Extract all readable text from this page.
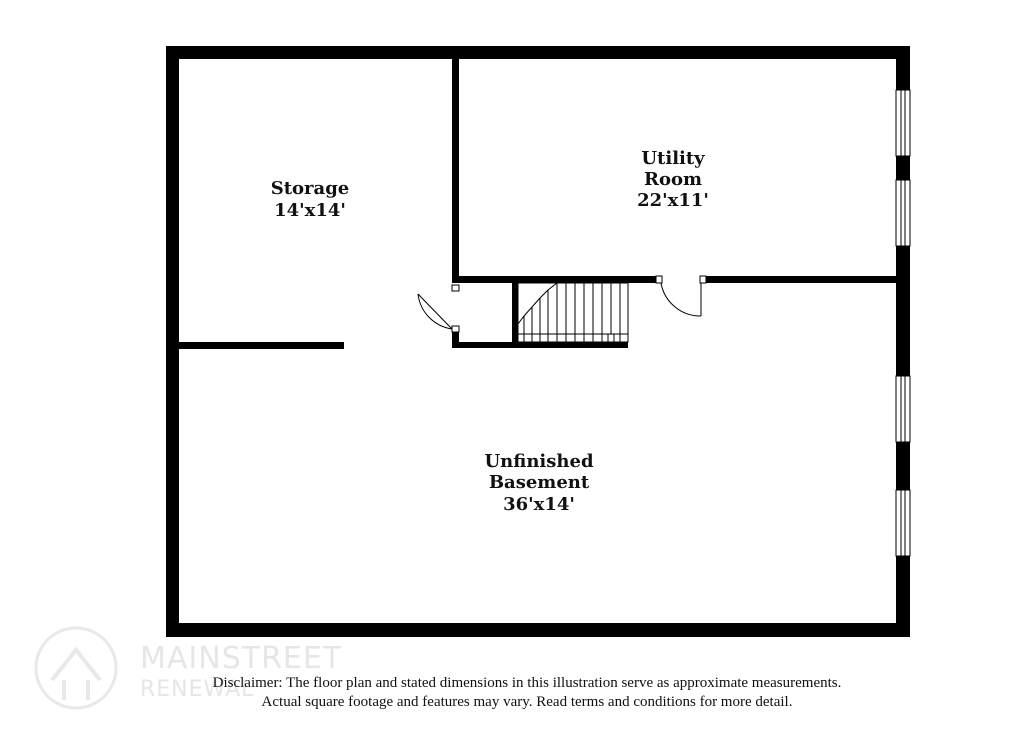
MAINSTREET
RENEWAL
Storage
14'x14'
Utility
Room
22'x11'
Unfinished
Basement
36'x14'
Disclaimer: The floor plan and stated dimensions in this illustration serve as approximate measurements.
Actual square footage and features may vary. Read terms and conditions for more detail.
